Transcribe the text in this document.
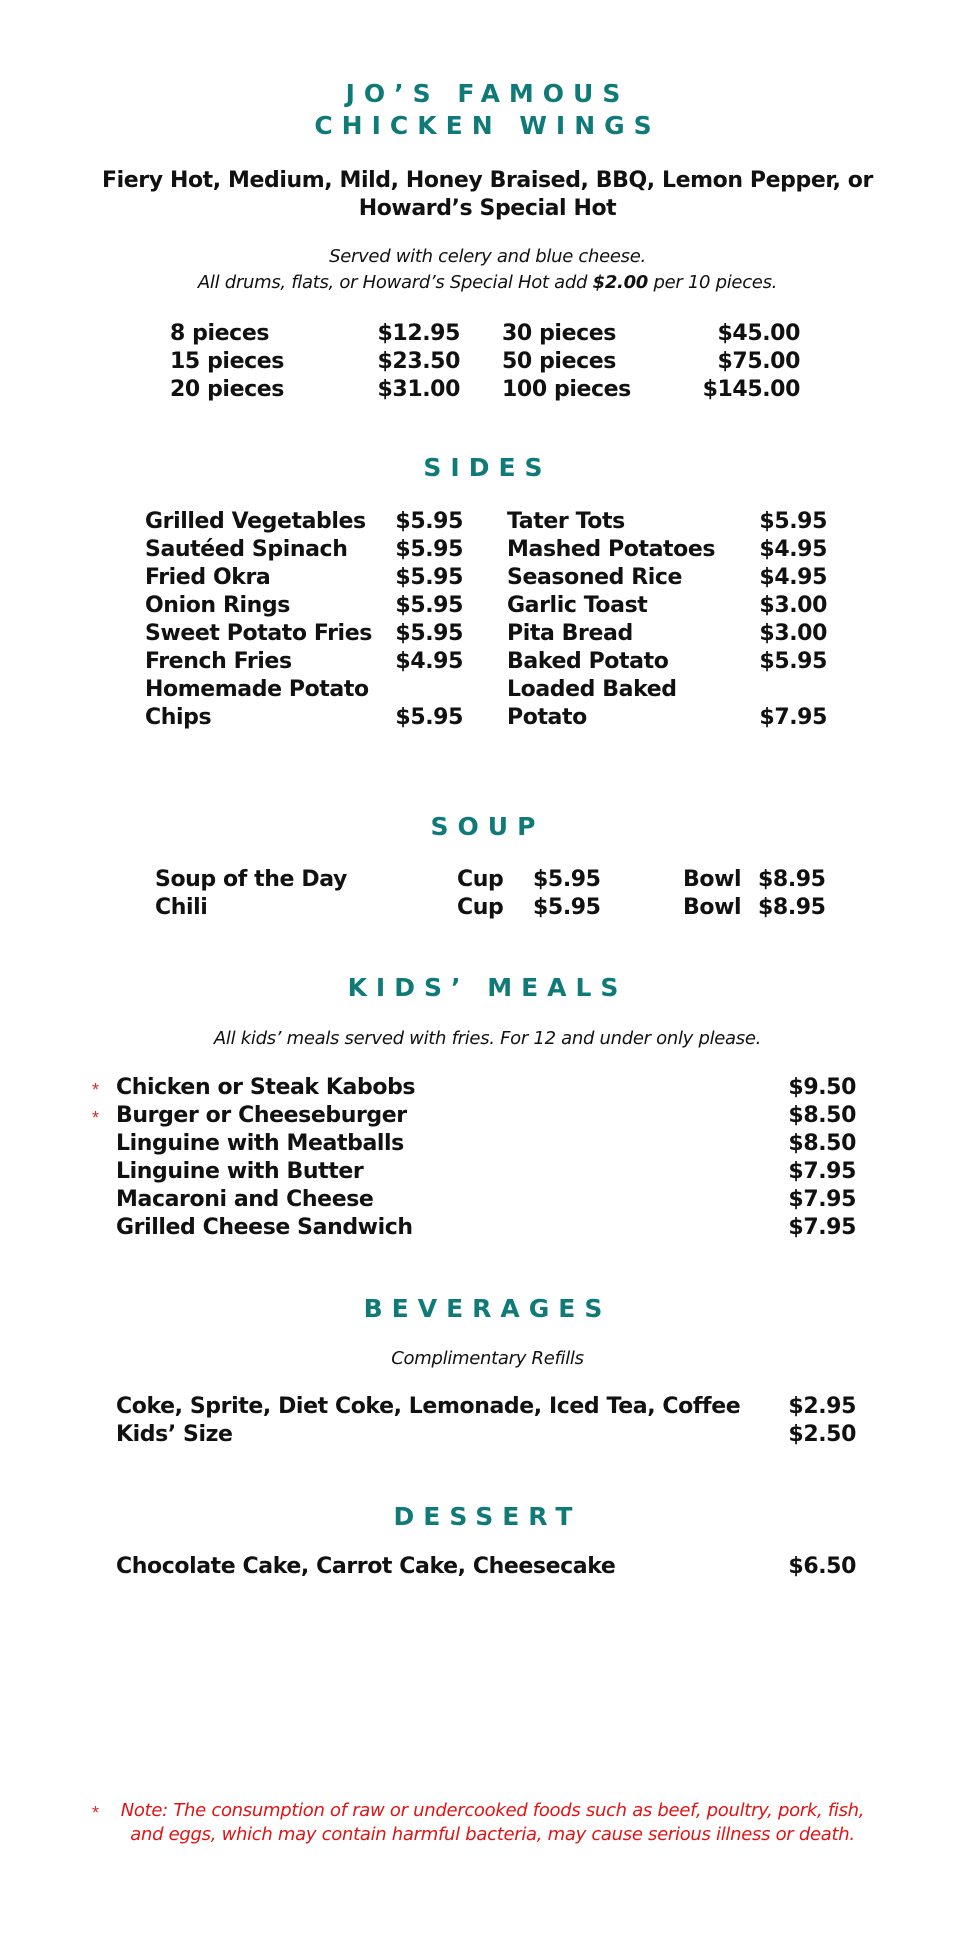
JO’S FAMOUS
CHICKEN WINGS
Fiery Hot, Medium, Mild, Honey Braised, BBQ, Lemon Pepper, or
Howard’s Special Hot
Served with celery and blue cheese.
All drums, flats, or Howard’s Special Hot add $2.00 per 10 pieces.
8 pieces	$12.95
15 pieces	$23.50
20 pieces	$31.00
30 pieces	$45.00
50 pieces	$75.00
100 pieces	$145.00
SIDES
Grilled Vegetables $5.95
Sautéed Spinach $5.95
Fried Okra	$5.95
Onion Rings	$5.95
Sweet Potato Fries $5.95
French Fries	$4.95
Homemade Potato
Chips	$5.95
Tater Tots	$5.95
Mashed Potatoes $4.95
Seasoned Rice	$4.95
Garlic Toast	$3.00
Pita Bread	$3.00
Baked Potato	$5.95
Loaded Baked
Potato	$7.95
SOUP
Soup of the Day	Cup $5.95	Bowl $8.95
Chili	Cup $5.95	Bowl $8.95
KIDS’ MEALS
All kids’ meals served with fries. For 12 and under only please.
*
*
Chicken or Steak Kabobs	$9.50
Burger or Cheeseburger	$8.50
Linguine with Meatballs	$8.50
Linguine with Butter	$7.95
Macaroni and Cheese	$7.95
Grilled Cheese Sandwich	$7.95
BEVERAGES
Complimentary Refills
Coke, Sprite, Diet Coke, Lemonade, Iced Tea, Coffee $2.95
Kids’ Size	$2.50
DESSERT
Chocolate Cake, Carrot Cake, Cheesecake	$6.50
*	Note: The consumption of raw or undercooked foods such as beef, poultry, pork, fish,
and eggs, which may contain harmful bacteria, may cause serious illness or death.
